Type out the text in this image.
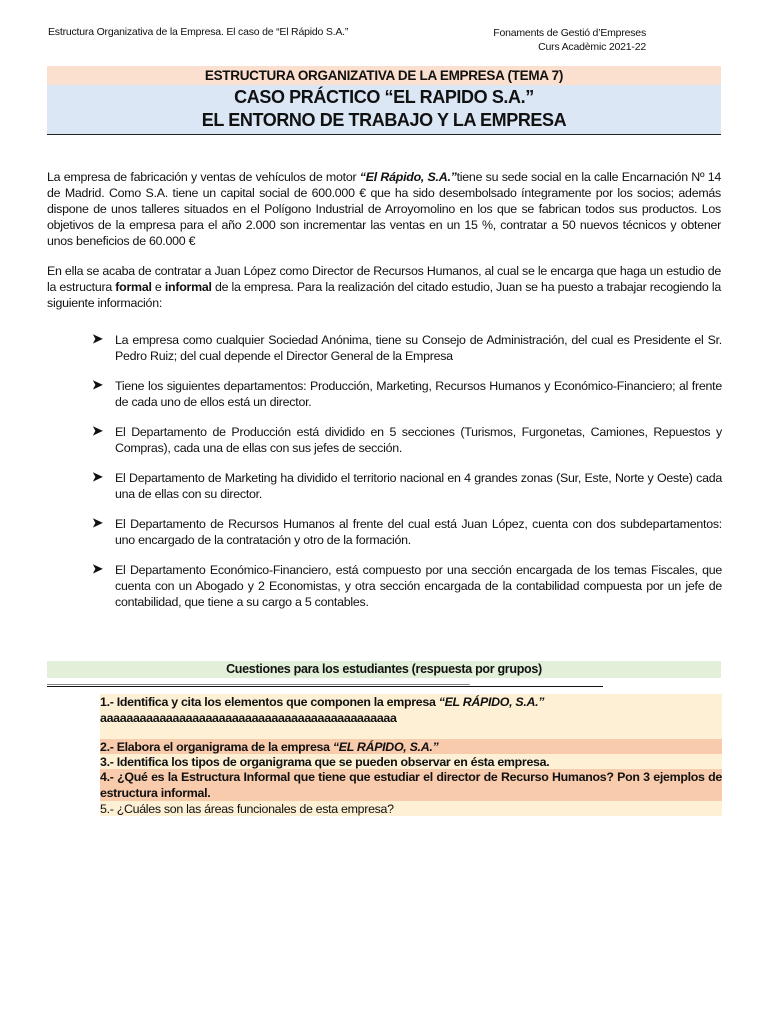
Estructura Organizativa de la Empresa. El caso de “El Rápido S.A.”	Fonaments de Gestió d’Empreses
Curs Acadèmic 2021-22
ESTRUCTURA ORGANIZATIVA DE LA EMPRESA (TEMA 7)
CASO PRÁCTICO “EL RAPIDO S.A.”
EL ENTORNO DE TRABAJO Y LA EMPRESA
La empresa de fabricación y ventas de vehículos de motor “El Rápido, S.A.”tiene su sede social en la calle Encarnación Nº 14 de Madrid. Como S.A. tiene un capital social de 600.000 € que ha sido desembolsado íntegramente por los socios; además dispone de unos talleres situados en el Polígono Industrial de Arroyomolino en los que se fabrican todos sus productos. Los objetivos de la empresa para el año 2.000 son incrementar las ventas en un 15 %, contratar a 50 nuevos técnicos y obtener unos beneficios de 60.000 €
En ella se acaba de contratar a Juan López como Director de Recursos Humanos, al cual se le encarga que haga un estudio de la estructura formal e informal de la empresa. Para la realización del citado estudio, Juan se ha puesto a trabajar recogiendo la siguiente información:
➤ La empresa como cualquier Sociedad Anónima, tiene su Consejo de Administración, del cual es Presidente el Sr. Pedro Ruiz; del cual depende el Director General de la Empresa
➤ Tiene los siguientes departamentos: Producción, Marketing, Recursos Humanos y Económico-Financiero; al frente de cada uno de ellos está un director.
➤ El Departamento de Producción está dividido en 5 secciones (Turismos, Furgonetas, Camiones, Repuestos y Compras), cada una de ellas con sus jefes de sección.
➤ El Departamento de Marketing ha dividido el territorio nacional en 4 grandes zonas (Sur, Este, Norte y Oeste) cada una de ellas con su director.
➤ El Departamento de Recursos Humanos al frente del cual está Juan López, cuenta con dos subdepartamentos: uno encargado de la contratación y otro de la formación.
➤ El Departamento Económico-Financiero, está compuesto por una sección encargada de los temas Fiscales, que cuenta con un Abogado y 2 Economistas, y otra sección encargada de la contabilidad compuesta por un jefe de contabilidad, que tiene a su cargo a 5 contables.
Cuestiones para los estudiantes (respuesta por grupos)
_______________________________________________________________________________________________
1.- Identifica y cita los elementos que componen la empresa “EL RÁPIDO, S.A.”
aaaaaaaaaaaaaaaaaaaaaaaaaaaaaaaaaaaaaaaaaaaaa
2.- Elabora el organigrama de la empresa “EL RÁPIDO, S.A.”
3.- Identifica los tipos de organigrama que se pueden observar en ésta empresa.
4.- ¿Qué es la Estructura Informal que tiene que estudiar el director de Recurso Humanos? Pon 3 ejemplos de estructura informal.
5.- ¿Cuáles son las áreas funcionales de esta empresa?
